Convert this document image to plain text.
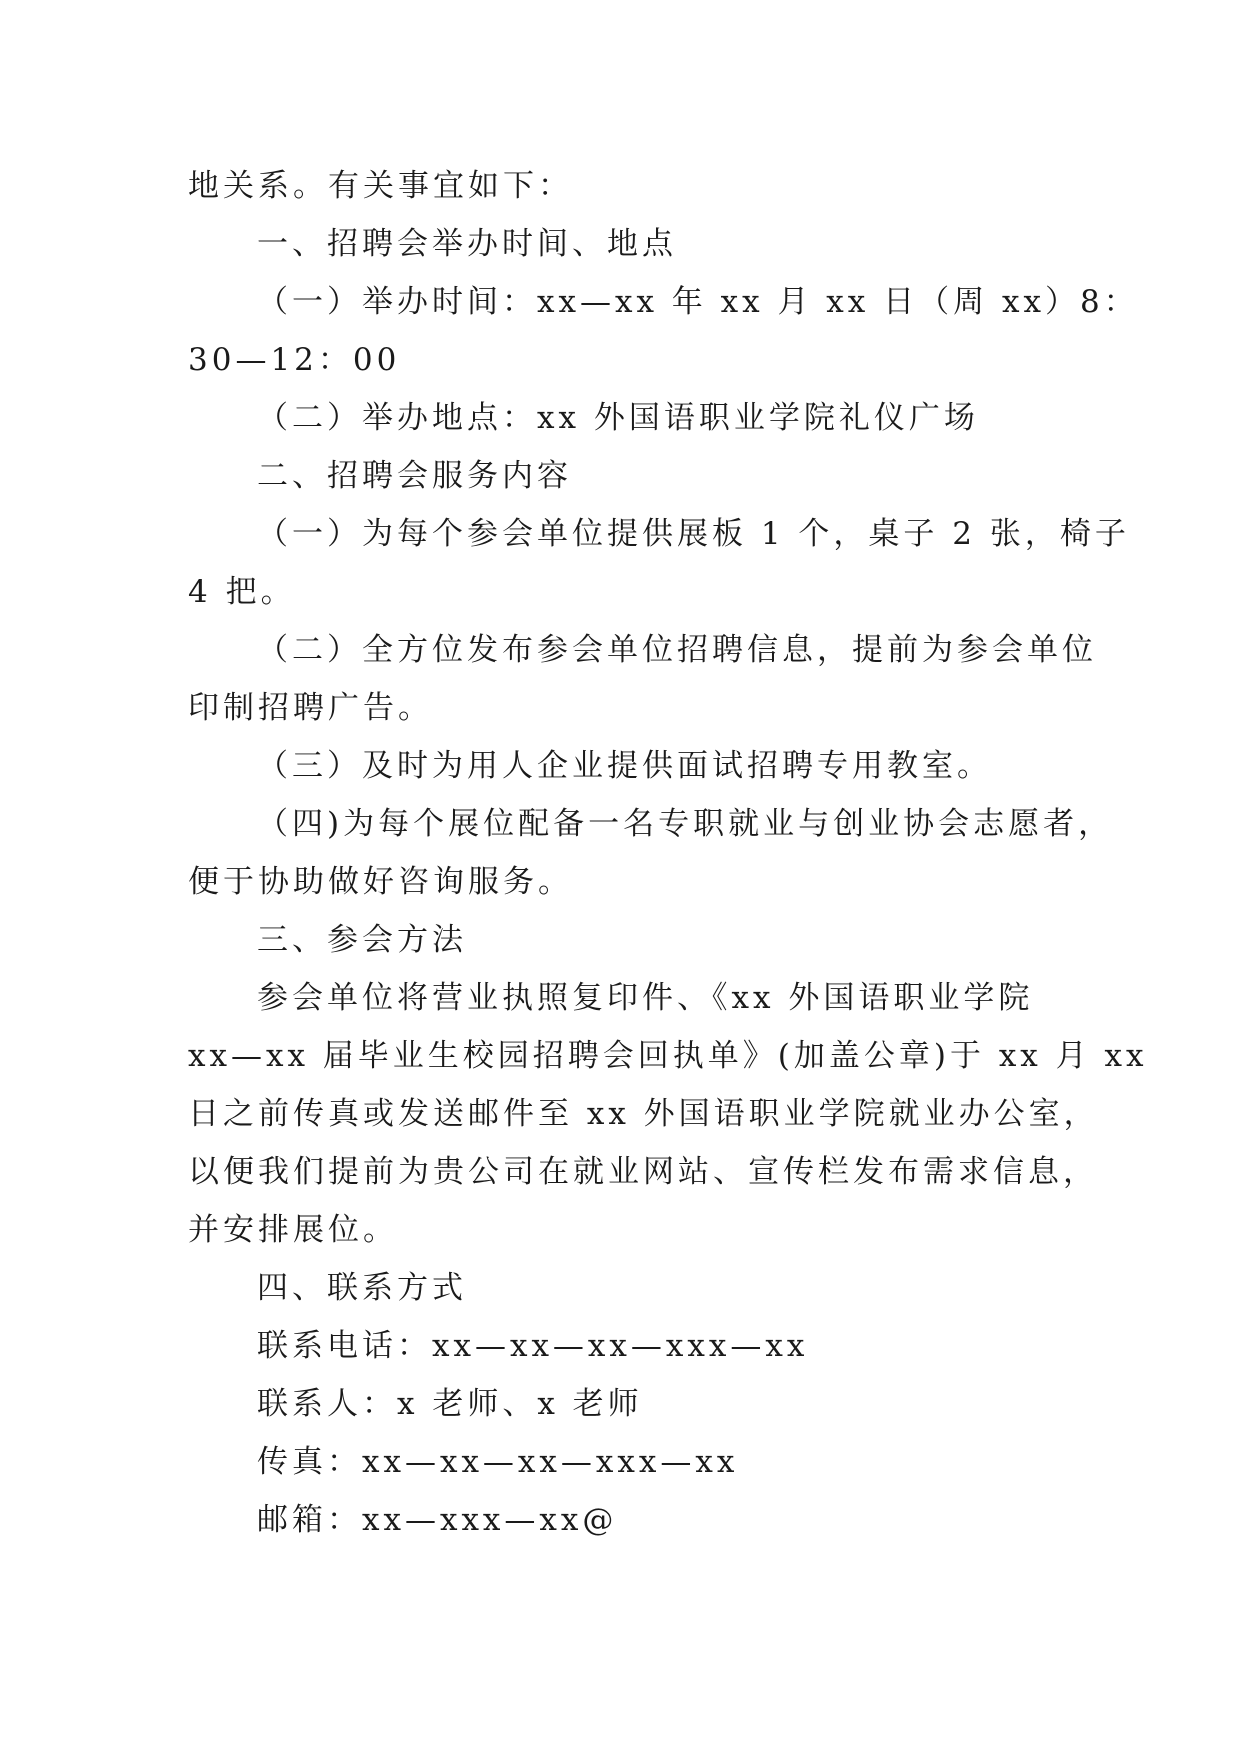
地关系。有关事宜如下：
一、招聘会举办时间、地点
（一）举办时间：xx—xx 年 xx 月 xx 日（周 xx）8：
30—12：00
（二）举办地点：xx 外国语职业学院礼仪广场
二、招聘会服务内容
（一）为每个参会单位提供展板 1 个，桌子 2 张，椅子
4 把。
（二）全方位发布参会单位招聘信息，提前为参会单位
印制招聘广告。
（三）及时为用人企业提供面试招聘专用教室。
（四)为每个展位配备一名专职就业与创业协会志愿者，
便于协助做好咨询服务。
三、参会方法
参会单位将营业执照复印件、《xx 外国语职业学院
xx—xx 届毕业生校园招聘会回执单》(加盖公章)于 xx 月 xx
日之前传真或发送邮件至 xx 外国语职业学院就业办公室，
以便我们提前为贵公司在就业网站、宣传栏发布需求信息，
并安排展位。
四、联系方式
联系电话：xx—xx—xx—xxx—xx
联系人：x 老师、x 老师
传真：xx—xx—xx—xxx—xx
邮箱：xx—xxx—xx@
